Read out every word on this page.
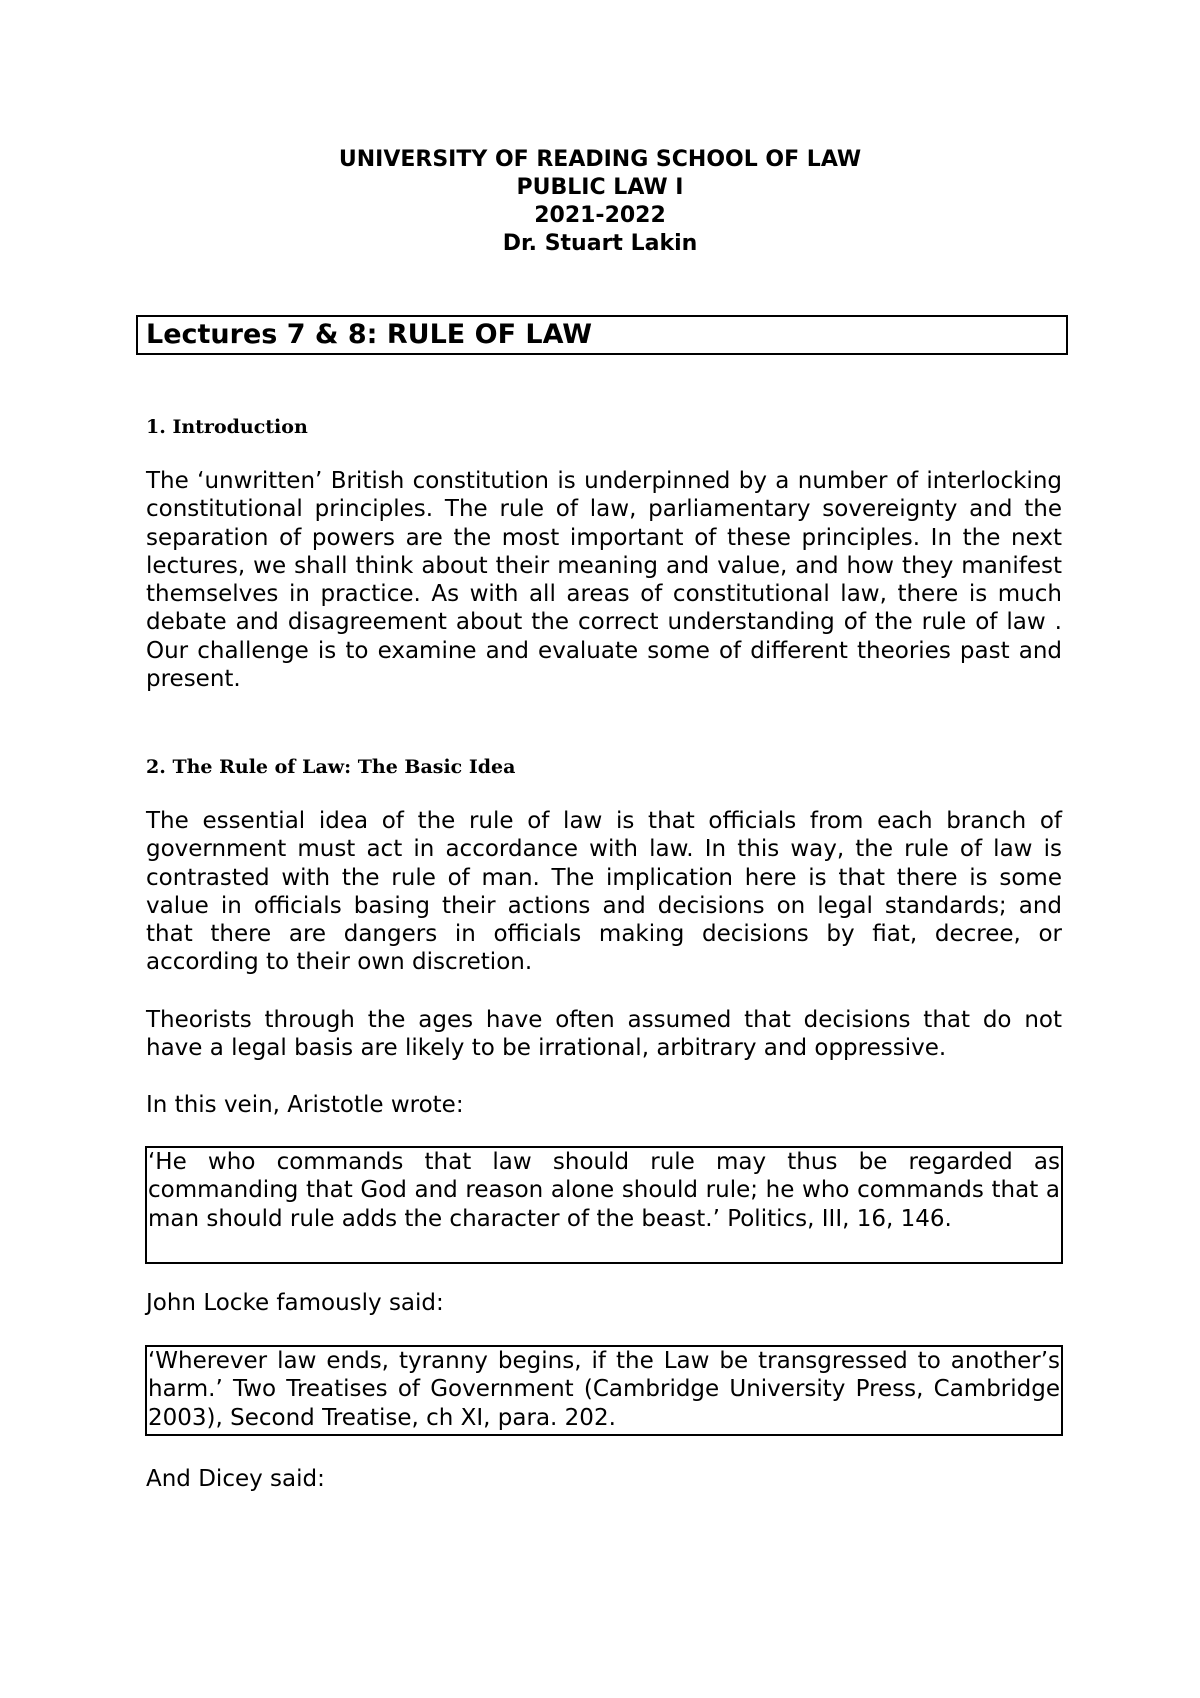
UNIVERSITY OF READING SCHOOL OF LAW
PUBLIC LAW I
2021-2022
Dr. Stuart Lakin
Lectures 7 & 8: RULE OF LAW
1. Introduction

The ‘unwritten’ British constitution is underpinned by a number of interlocking constitutional principles. The rule of law, parliamentary sovereignty and the separation of powers are the most important of these principles. In the next lectures, we shall think about their meaning and value, and how they manifest themselves in practice. As with all areas of constitutional law, there is much debate and disagreement about the correct understanding of the rule of law . Our challenge is to examine and evaluate some of different theories past and present.

2. The Rule of Law: The Basic Idea

The essential idea of the rule of law is that officials from each branch of government must act in accordance with law. In this way, the rule of law is contrasted with the rule of man. The implication here is that there is some value in officials basing their actions and decisions on legal standards; and that there are dangers in officials making decisions by fiat, decree, or according to their own discretion.

Theorists through the ages have often assumed that decisions that do not have a legal basis are likely to be irrational, arbitrary and oppressive.

In this vein, Aristotle wrote:

‘He who commands that law should rule may thus be regarded as commanding that God and reason alone should rule; he who commands that a man should rule adds the character of the beast.’ Politics, III, 16, 146.

John Locke famously said:

‘Wherever law ends, tyranny begins, if the Law be transgressed to another’s harm.’ Two Treatises of Government (Cambridge University Press, Cambridge 2003), Second Treatise, ch XI, para. 202.

And Dicey said:
